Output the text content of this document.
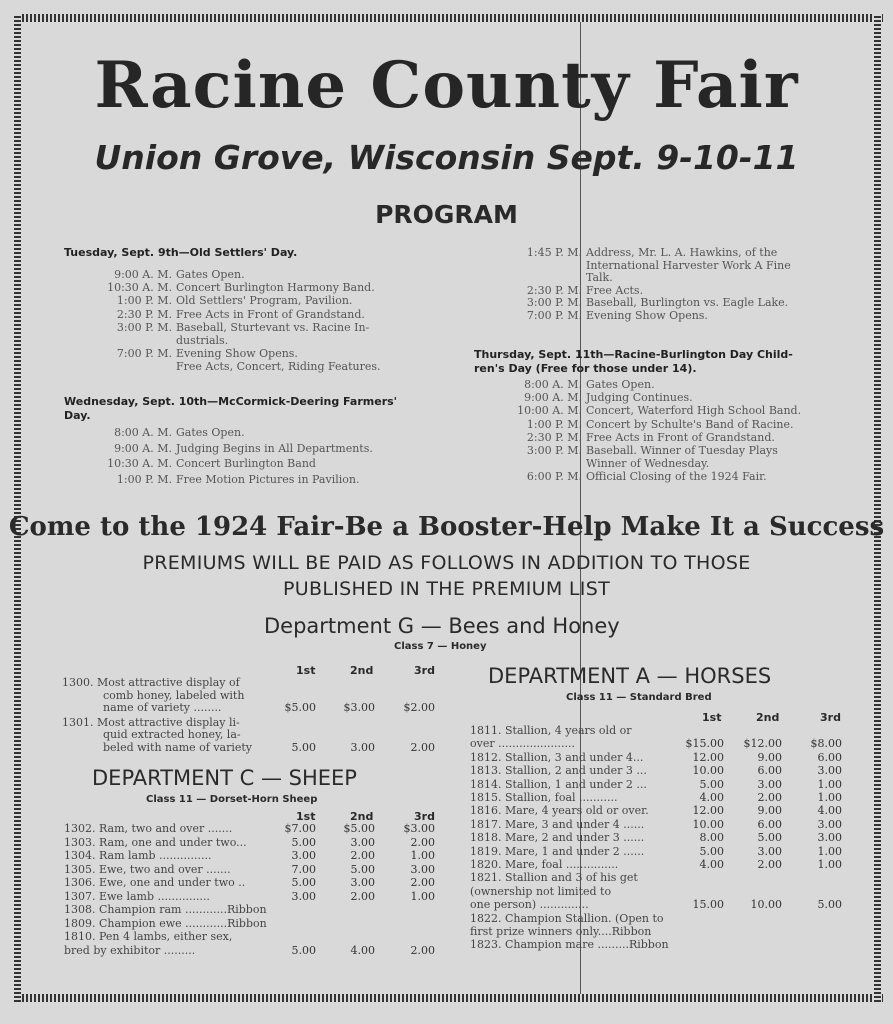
Racine County Fair
Union Grove, Wisconsin Sept. 9-10-11
PROGRAM
Tuesday, Sept. 9th—Old Settlers' Day.
9:00 A. M. Gates Open.
10:30 A. M. Concert Burlington Harmony Band.
1:00 P. M. Old Settlers' Program, Pavilion.
2:30 P. M. Free Acts in Front of Grandstand.
3:00 P. M. Baseball, Sturtevant vs. Racine In-
dustrials.
7:00 P. M. Evening Show Opens.
Free Acts, Concert, Riding Features.
Wednesday, Sept. 10th—McCormick-Deering Farmers'
Day.
8:00 A. M. Gates Open.
9:00 A. M. Judging Begins in All Departments.
10:30 A. M. Concert Burlington Band
1:00 P. M. Free Motion Pictures in Pavilion.
1:45 P. M. Address, Mr. L. A. Hawkins, of the
International Harvester Work A Fine
Talk.
2:30 P. M. Free Acts.
3:00 P. M. Baseball, Burlington vs. Eagle Lake.
7:00 P. M. Evening Show Opens.
Thursday, Sept. 11th—Racine-Burlington Day Child-
ren's Day (Free for those under 14).
8:00 A. M. Gates Open.
9:00 A. M. Judging Continues.
10:00 A. M. Concert, Waterford High School Band.
1:00 P. M. Concert by Schulte's Band of Racine.
2:30 P. M. Free Acts in Front of Grandstand.
3:00 P. M. Baseball. Winner of Tuesday Plays
Winner of Wednesday.
6:00 P. M. Official Closing of the 1924 Fair.
Come to the 1924 Fair-Be a Booster-Help Make It a Success
PREMIUMS WILL BE PAID AS FOLLOWS IN ADDITION TO THOSE
PUBLISHED IN THE PREMIUM LIST
Department G — Bees and Honey
Class 7 — Honey
1st	2nd	3rd
1300. Most attractive display of
comb honey, labeled with
name of variety ........	$5.00	$3.00	$2.00
1301. Most attractive display li-
quid extracted honey, la-
beled with name of variety	5.00	3.00	2.00
DEPARTMENT C — SHEEP
Class 11 — Dorset-Horn Sheep
1st	2nd	3rd
1302. Ram, two and over .......	$7.00	$5.00	$3.00
1303. Ram, one and under two...	5.00	3.00	2.00
1304. Ram lamb ...............	3.00	2.00	1.00
1305. Ewe, two and over .......	7.00	5.00	3.00
1306. Ewe, one and under two ..	5.00	3.00	2.00
1307. Ewe lamb ...............	3.00	2.00	1.00
1308. Champion ram ............Ribbon
1809. Champion ewe ............Ribbon
1810. Pen 4 lambs, either sex,
bred by exhibitor .........	5.00	4.00	2.00
DEPARTMENT A — HORSES
Class 11 — Standard Bred
1st	2nd	3rd
1811. Stallion, 4 years old or
over ......................	$15.00	$12.00	$8.00
1812. Stallion, 3 and under 4...	12.00	9.00	6.00
1813. Stallion, 2 and under 3 ...	10.00	6.00	3.00
1814. Stallion, 1 and under 2 ...	5.00	3.00	1.00
1815. Stallion, foal ...........	4.00	2.00	1.00
1816. Mare, 4 years old or over.	12.00	9.00	4.00
1817. Mare, 3 and under 4 ......	10.00	6.00	3.00
1818. Mare, 2 and under 3 ......	8.00	5.00	3.00
1819. Mare, 1 and under 2 ......	5.00	3.00	1.00
1820. Mare, foal ...............	4.00	2.00	1.00
1821. Stallion and 3 of his get
(ownership not limited to
one person) ..............	15.00	10.00	5.00
1822. Champion Stallion. (Open to
first prize winners only....Ribbon
1823. Champion mare .........Ribbon
